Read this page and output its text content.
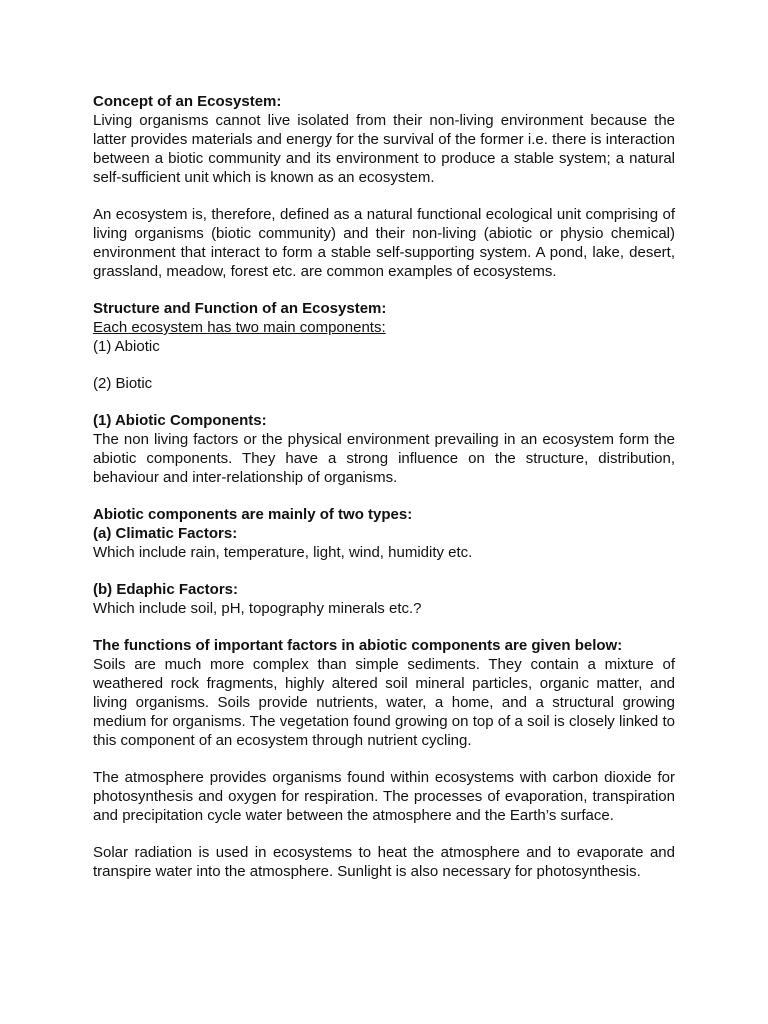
Concept of an Ecosystem:

Living organisms cannot live isolated from their non-living environment because the latter provides materials and energy for the survival of the former i.e. there is interaction between a biotic community and its environment to produce a stable system; a natural self-sufficient unit which is known as an ecosystem.

An ecosystem is, therefore, defined as a natural functional ecological unit comprising of living organisms (biotic community) and their non-living (abiotic or physio chemical) environment that interact to form a stable self-supporting system. A pond, lake, desert, grassland, meadow, forest etc. are common examples of ecosystems.

Structure and Function of an Ecosystem:

Each ecosystem has two main components:

(1) Abiotic

(2) Biotic

(1) Abiotic Components:

The non living factors or the physical environment prevailing in an ecosystem form the abiotic components. They have a strong influence on the structure, distribution, behaviour and inter-relationship of organisms.

Abiotic components are mainly of two types:

(a) Climatic Factors:

Which include rain, temperature, light, wind, humidity etc.

(b) Edaphic Factors:

Which include soil, pH, topography minerals etc.?

The functions of important factors in abiotic components are given below:

Soils are much more complex than simple sediments. They contain a mixture of weathered rock fragments, highly altered soil mineral particles, organic matter, and living organisms. Soils provide nutrients, water, a home, and a structural growing medium for organisms. The vegetation found growing on top of a soil is closely linked to this component of an ecosystem through nutrient cycling.

The atmosphere provides organisms found within ecosystems with carbon dioxide for photosynthesis and oxygen for respiration. The processes of evaporation, transpiration and precipitation cycle water between the atmosphere and the Earth’s surface.

Solar radiation is used in ecosystems to heat the atmosphere and to evaporate and transpire water into the atmosphere. Sunlight is also necessary for photosynthesis.
